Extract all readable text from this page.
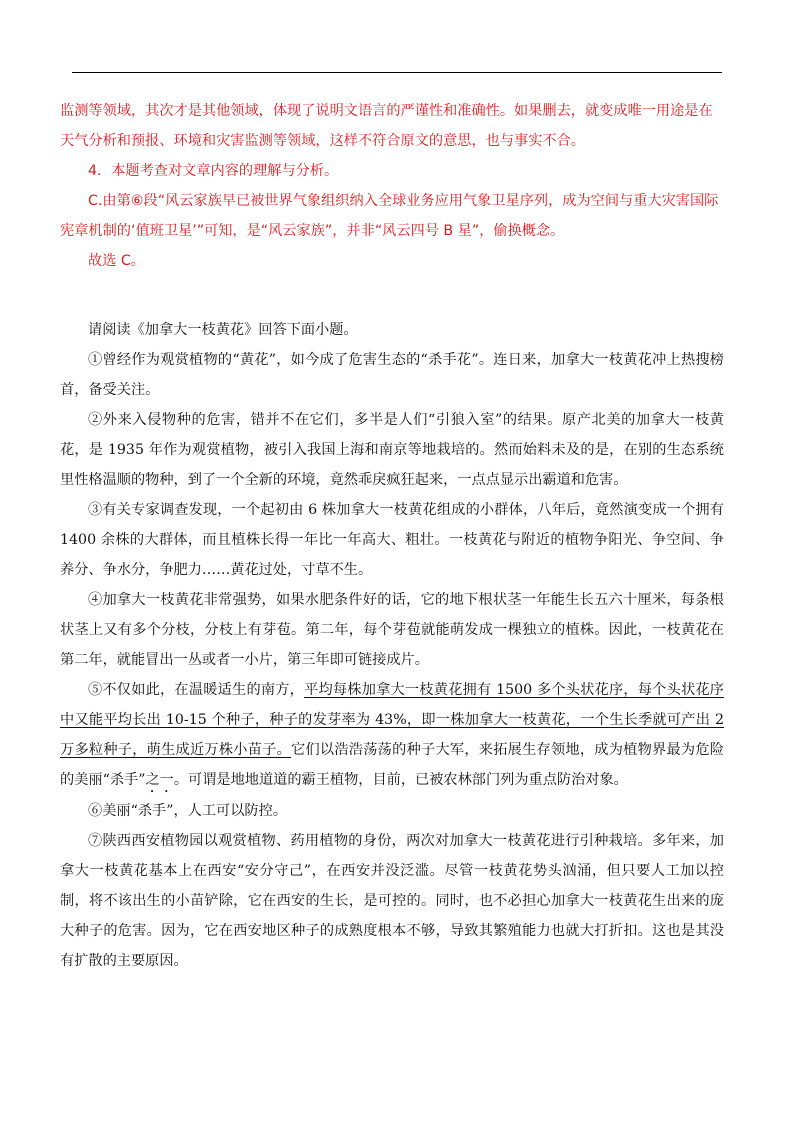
监测等领域，其次才是其他领域，体现了说明文语言的严谨性和准确性。如果删去，就变成唯一用途是在天气分析和预报、环境和灾害监测等领域，这样不符合原文的意思，也与事实不合。

4．本题考查对文章内容的理解与分析。

C.由第⑥段“风云家族早已被世界气象组织纳入全球业务应用气象卫星序列，成为空间与重大灾害国际宪章机制的‘值班卫星’”可知，是“风云家族”，并非“风云四号 B 星”，偷换概念。

故选 C。

请阅读《加拿大一枝黄花》回答下面小题。

①曾经作为观赏植物的“黄花”，如今成了危害生态的“杀手花”。连日来，加拿大一枝黄花冲上热搜榜首，备受关注。

②外来入侵物种的危害，错并不在它们，多半是人们“引狼入室”的结果。原产北美的加拿大一枝黄花，是 1935 年作为观赏植物，被引入我国上海和南京等地栽培的。然而始料未及的是，在别的生态系统里性格温顺的物种，到了一个全新的环境，竟然乖戾疯狂起来，一点点显示出霸道和危害。

③有关专家调查发现，一个起初由 6 株加拿大一枝黄花组成的小群体，八年后，竟然演变成一个拥有 1400 余株的大群体，而且植株长得一年比一年高大、粗壮。一枝黄花与附近的植物争阳光、争空间、争养分、争水分，争肥力……黄花过处，寸草不生。

④加拿大一枝黄花非常强势，如果水肥条件好的话，它的地下根状茎一年能生长五六十厘米，每条根状茎上又有多个分枝，分枝上有芽苞。第二年，每个芽苞就能萌发成一棵独立的植株。因此，一枝黄花在第二年，就能冒出一丛或者一小片，第三年即可链接成片。

⑤不仅如此，在温暖适生的南方，平均每株加拿大一枝黄花拥有 1500 多个头状花序，每个头状花序中又能平均长出 10-15 个种子，种子的发芽率为 43%，即一株加拿大一枝黄花，一个生长季就可产出 2 万多粒种子，萌生成近万株小苗子。它们以浩浩荡荡的种子大军，来拓展生存领地，成为植物界最为危险的美丽“杀手”之一。可谓是地地道道的霸王植物，目前，已被农林部门列为重点防治对象。

⑥美丽“杀手”，人工可以防控。

⑦陕西西安植物园以观赏植物、药用植物的身份，两次对加拿大一枝黄花进行引种栽培。多年来，加拿大一枝黄花基本上在西安“安分守己”，在西安并没泛滥。尽管一枝黄花势头汹涌，但只要人工加以控制，将不该出生的小苗铲除，它在西安的生长，是可控的。同时，也不必担心加拿大一枝黄花生出来的庞大种子的危害。因为，它在西安地区种子的成熟度根本不够，导致其繁殖能力也就大打折扣。这也是其没有扩散的主要原因。
